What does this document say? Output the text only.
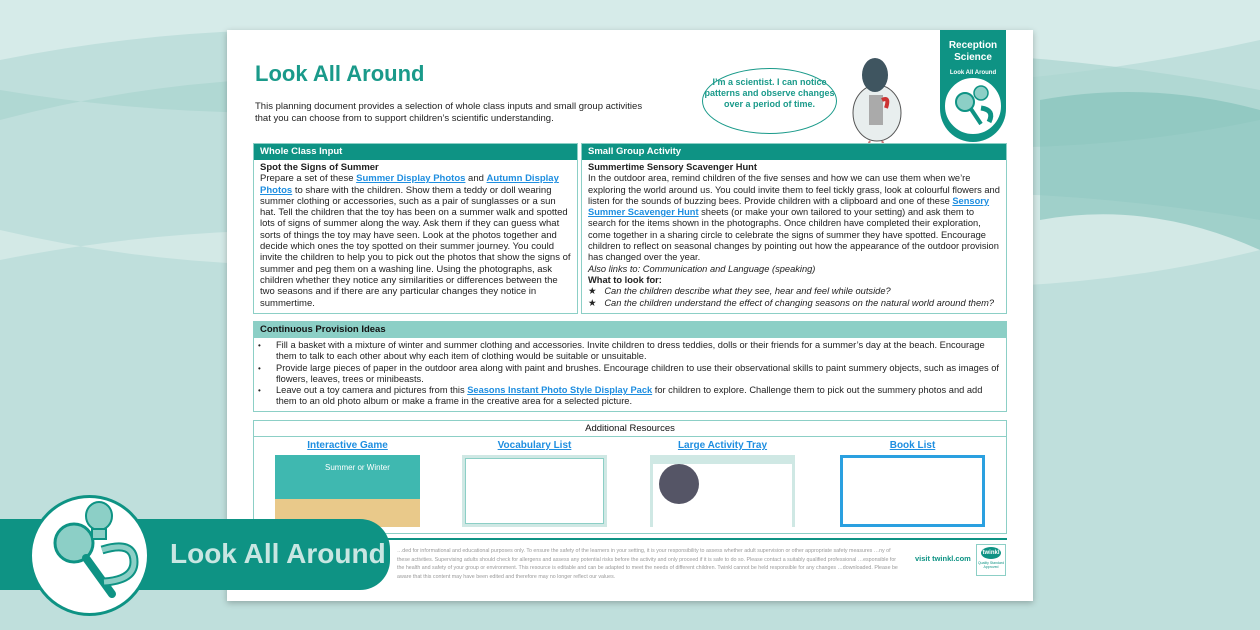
Look All Around
This planning document provides a selection of whole class inputs and small group activities that you can choose from to support children’s scientific understanding.
I’m a scientist. I can notice patterns and observe changes over a period of time.
Reception
Science
Look All Around
Whole Class Input
Spot the Signs of Summer
Prepare a set of these Summer Display Photos and Autumn Display Photos to share with the children. Show them a teddy or doll wearing summer clothing or accessories, such as a pair of sunglasses or a sun hat. Tell the children that the toy has been on a summer walk and spotted lots of signs of summer along the way. Ask them if they can guess what sorts of things the toy may have seen. Look at the photos together and decide which ones the toy spotted on their summer journey. You could invite the children to help you to pick out the photos that show the signs of summer and peg them on a washing line. Using the photographs, ask children whether they notice any similarities or differences between the two seasons and if there are any particular changes they notice in summertime.
Small Group Activity
Summertime Sensory Scavenger Hunt
In the outdoor area, remind children of the five senses and how we can use them when we’re exploring the world around us. You could invite them to feel tickly grass, look at colourful flowers and listen for the sounds of buzzing bees. Provide children with a clipboard and one of these Sensory Summer Scavenger Hunt sheets (or make your own tailored to your setting) and ask them to search for the items shown in the photographs. Once children have completed their exploration, come together in a sharing circle to celebrate the signs of summer they have spotted. Encourage children to reflect on seasonal changes by pointing out how the appearance of the outdoor provision has changed over the year.
Also links to: Communication and Language (speaking)
What to look for:
★ Can the children describe what they see, hear and feel while outside?
★ Can the children understand the effect of changing seasons on the natural world around them?
Continuous Provision Ideas
• Fill a basket with a mixture of winter and summer clothing and accessories. Invite children to dress teddies, dolls or their friends for a summer’s day at the beach. Encourage them to talk to each other about why each item of clothing would be suitable or unsuitable.
• Provide large pieces of paper in the outdoor area along with paint and brushes. Encourage children to use their observational skills to paint summery objects, such as images of flowers, leaves, trees or minibeasts.
• Leave out a toy camera and pictures from this Seasons Instant Photo Style Display Pack for children to explore. Challenge them to pick out the summery photos and add them to an old photo album or make a frame in the creative area for a selected picture.
Additional Resources
Interactive Game
Summer or Winter
Vocabulary List	Large Activity Tray	Book List
…ded for informational and educational purposes only. To ensure the safety of the learners in your setting, it is your responsibility to assess whether adult supervision or other appropriate safety measures …ny of these activities. Supervising adults should check for allergens and assess any potential risks before the activity and only proceed if it is safe to do so. Please contact a suitably qualified professional …esponsible for the health and safety of your group or environment. This resource is editable and can be adapted to meet the needs of different children. Twinkl cannot be held responsible for any changes …downloaded. Please be aware that this content may have been edited and therefore may no longer reflect our values.
visit twinkl.com
twinkl
Quality Standard Approved
Look All Around
